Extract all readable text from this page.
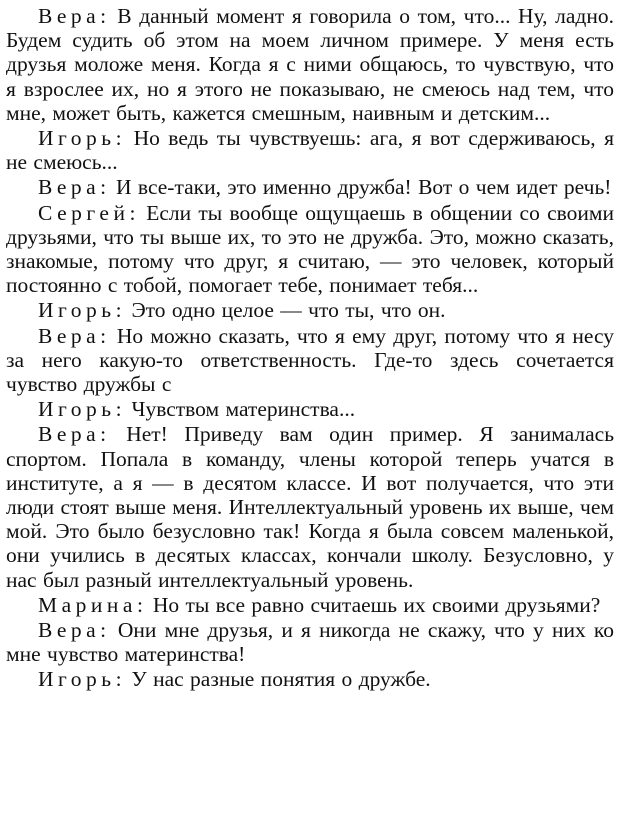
Вера: В данный момент я говорила о том, что... Ну, ладно. Будем судить об этом на моем личном примере. У меня есть друзья моложе меня. Когда я с ними общаюсь, то чувствую, что я взрослее их, но я этого не показываю, не смеюсь над тем, что мне, может быть, кажется смешным, наивным и детским...

Игорь: Но ведь ты чувствуешь: ага, я вот сдерживаюсь, я не смеюсь...

Вера: И все-таки, это именно дружба! Вот о чем идет речь!

Сергей: Если ты вообще ощущаешь в общении со своими друзьями, что ты выше их, то это не дружба. Это, можно сказать, знакомые, потому что друг, я считаю, — это человек, который постоянно с тобой, помогает тебе, понимает тебя...

Игорь: Это одно целое — что ты, что он.

Вера: Но можно сказать, что я ему друг, потому что я несу за него какую-то ответственность. Где-то здесь сочетается чувство дружбы с

Игорь: Чувством материнства...

Вера: Нет! Приведу вам один пример. Я занималась спортом. Попала в команду, члены которой теперь учатся в институте, а я — в десятом классе. И вот получается, что эти люди стоят выше меня. Интеллектуальный уровень их выше, чем мой. Это было безусловно так! Когда я была совсем маленькой, они учились в десятых классах, кончали школу. Безусловно, у нас был разный интеллектуальный уровень.

Марина: Но ты все равно считаешь их своими друзьями?

Вера: Они мне друзья, и я никогда не скажу, что у них ко мне чувство материнства!

Игорь: У нас разные понятия о дружбе.
